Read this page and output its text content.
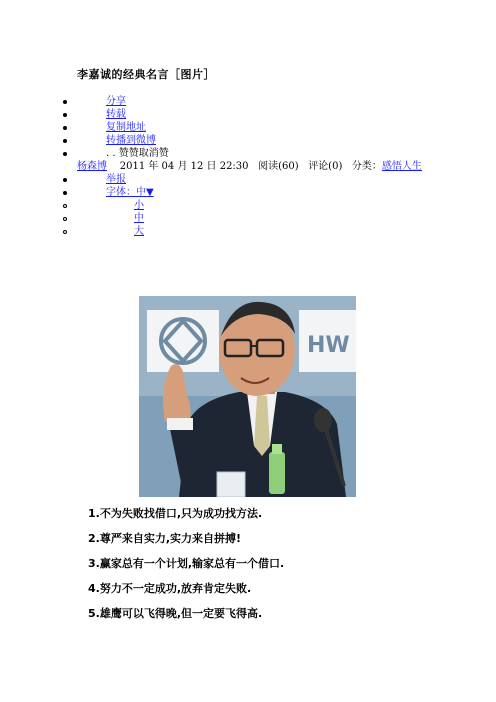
李嘉诚的经典名言［图片］
分享
转载
复制地址
转播到微博
. . 赞赞取消赞
杨森博 2011 年 04 月 12 日 22:30 阅读(60) 评论(0) 分类：感悟人生
举报
字体：中▼
小
中
大
HW
1.不为失败找借口,只为成功找方法.
2.尊严来自实力,实力来自拼搏!
3.赢家总有一个计划,输家总有一个借口.
4.努力不一定成功,放弃肯定失败.
5.雄鹰可以飞得晚,但一定要飞得高.
